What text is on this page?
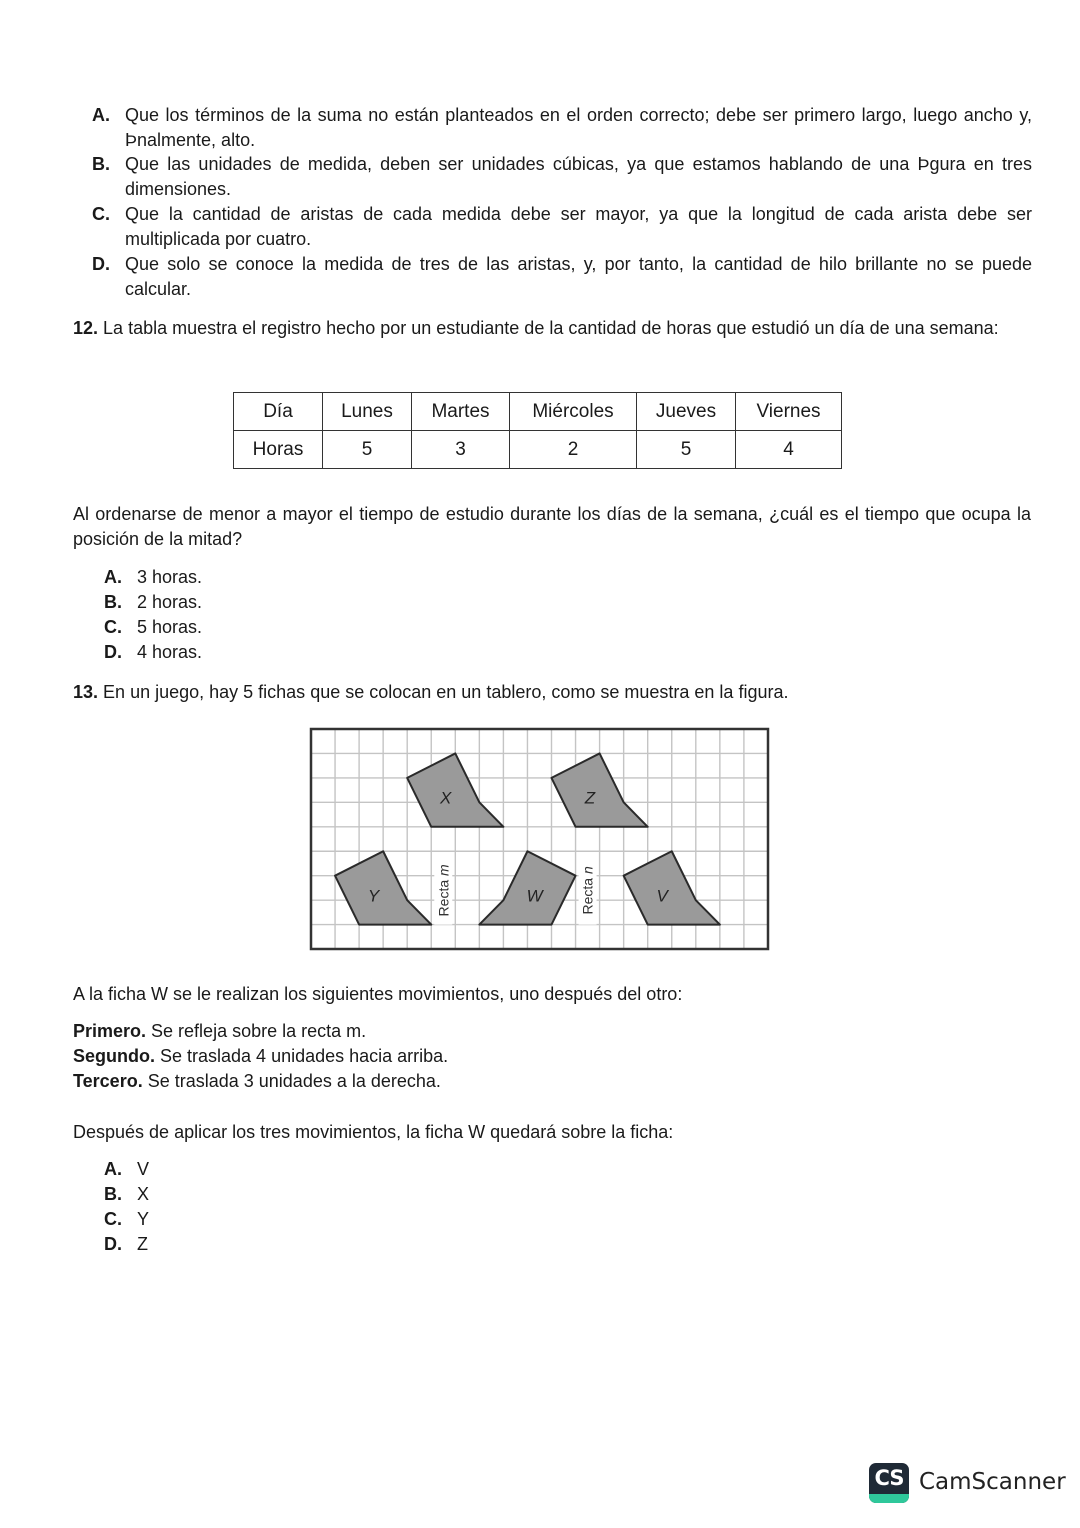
A. Que los términos de la suma no están planteados en el orden correcto; debe ser primero largo, luego ancho y, Þnalmente, alto.
B. Que las unidades de medida, deben ser unidades cúbicas, ya que estamos hablando de una Þgura en tres dimensiones.
C. Que la cantidad de aristas de cada medida debe ser mayor, ya que la longitud de cada arista debe ser multiplicada por cuatro.
D. Que solo se conoce la medida de tres de las aristas, y, por tanto, la cantidad de hilo brillante no se puede calcular.
12. La tabla muestra el registro hecho por un estudiante de la cantidad de horas que estudió un día de una semana:
Día	Lunes	Martes	Miércoles	Jueves	Viernes
Horas	5	3	2	5	4
Al ordenarse de menor a mayor el tiempo de estudio durante los días de la semana, ¿cuál es el tiempo que ocupa la posición de la mitad?
A. 3 horas.
B. 2 horas.
C. 5 horas.
D. 4 horas.
13. En un juego, hay 5 fichas que se colocan en un tablero, como se muestra en la figura.
X	Z
Y	W	V
Recta m
Recta n
A la ficha W se le realizan los siguientes movimientos, uno después del otro:
Primero. Se refleja sobre la recta m.
Segundo. Se traslada 4 unidades hacia arriba.
Tercero. Se traslada 3 unidades a la derecha.
Después de aplicar los tres movimientos, la ficha W quedará sobre la ficha:
A. V
B. X
C. Y
D. Z
CS CamScanner
